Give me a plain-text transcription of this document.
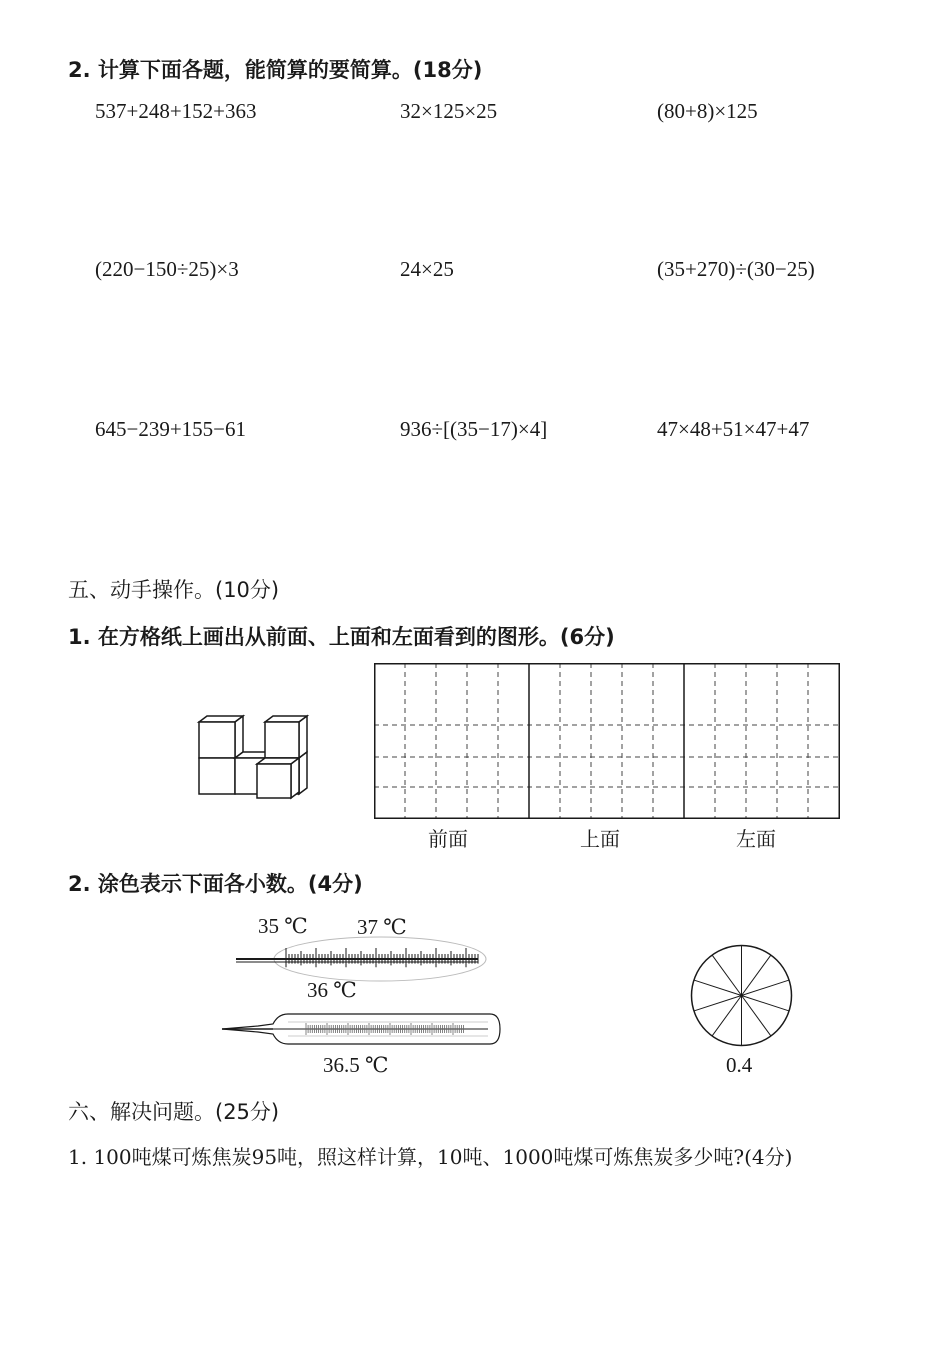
2. 计算下面各题，能简算的要简算。(18分)
537+248+152+363	32×125×25	(80+8)×125
(220−150÷25)×3	24×25	(35+270)÷(30−25)
645−239+155−61	936÷[(35−17)×4]	47×48+51×47+47
五、动手操作。(10分)
1. 在方格纸上画出从前面、上面和左面看到的图形。(6分)
前面	上面	左面
2. 涂色表示下面各小数。(4分)
35 ℃ 37 ℃
36 ℃
36.5 ℃	0.4
六、解决问题。(25分)
1. 100吨煤可炼焦炭95吨，照这样计算，10吨、1000吨煤可炼焦炭多少吨?(4分)
